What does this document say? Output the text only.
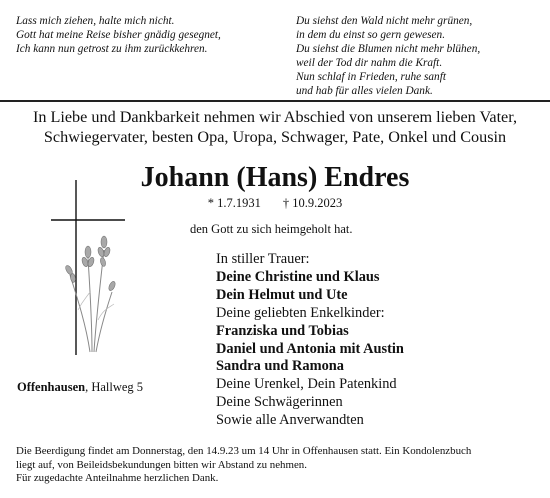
Lass mich ziehen, halte mich nicht.
Gott hat meine Reise bisher gnädig gesegnet,
Ich kann nun getrost zu ihm zurückkehren.
Du siehst den Wald nicht mehr grünen,
in dem du einst so gern gewesen.
Du siehst die Blumen nicht mehr blühen,
weil der Tod dir nahm die Kraft.
Nun schlaf in Frieden, ruhe sanft
und hab für alles vielen Dank.
In Liebe und Dankbarkeit nehmen wir Abschied von unserem lieben Vater,
Schwiegervater, besten Opa, Uropa, Schwager, Pate, Onkel und Cousin
Johann (Hans) Endres
* 1.7.1931 † 10.9.2023
den Gott zu sich heimgeholt hat.
In stiller Trauer:
Deine Christine und Klaus
Dein Helmut und Ute
Deine geliebten Enkelkinder:
Franziska und Tobias
Daniel und Antonia mit Austin
Sandra und Ramona
Deine Urenkel, Dein Patenkind
Deine Schwägerinnen
Sowie alle Anverwandten
Offenhausen, Hallweg 5
Die Beerdigung findet am Donnerstag, den 14.9.23 um 14 Uhr in Offenhausen statt. Ein Kondolenzbuch
liegt auf, von Beileidsbekundungen bitten wir Abstand zu nehmen.
Für zugedachte Anteilnahme herzlichen Dank.
